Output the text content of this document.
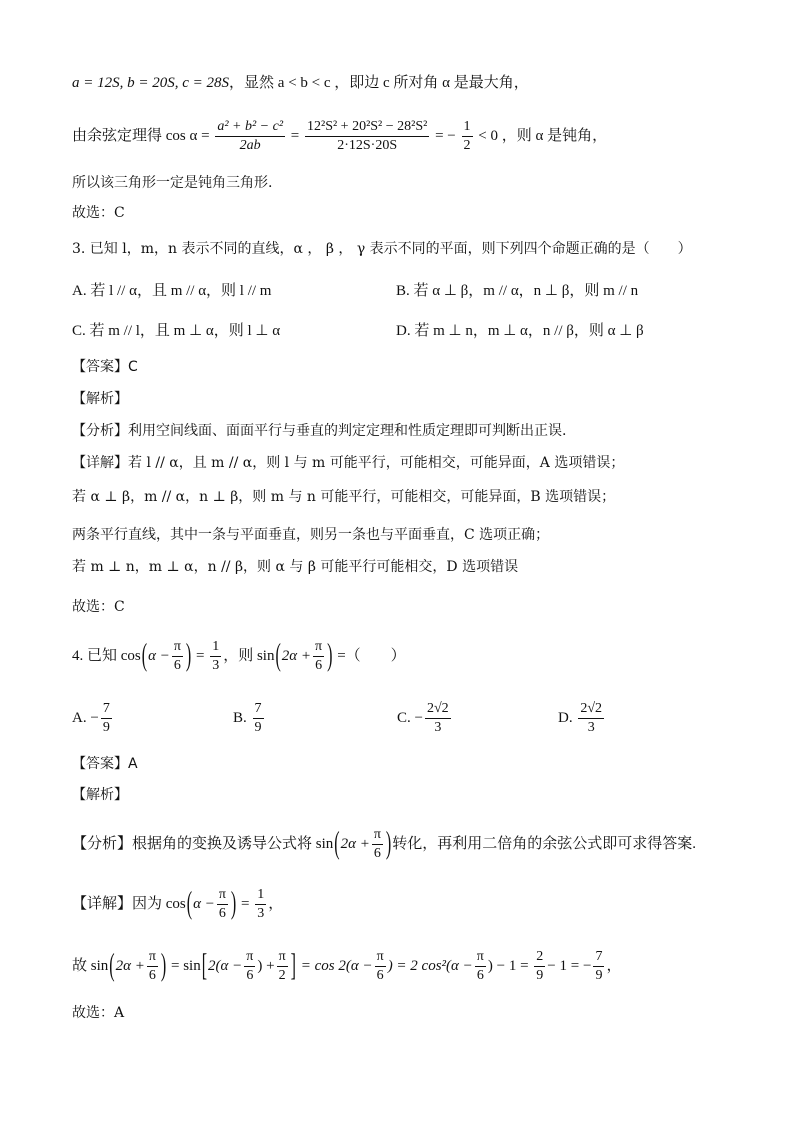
a = 12S, b = 20S, c = 28S，显然 a < b < c ，即边 c 所对角 α 是最大角，
由余弦定理得 $\cos \alpha = \frac{\text{a² + b² − c²}}{2ab} = \frac{\text{12²S² + 20²S² − 28²S²}}{2\cdot 12S\cdot 20S}$ = − $\frac{1}{2} < 0$ ，则 α 是钝角，
所以该三角形一定是钝角三角形.
故选：C
3. 已知 l，m，n 表示不同的直线，α ， β ， γ 表示不同的平面，则下列四个命题正确的是（　　）
A. 若 l // α，且 m // α，则 l // m	B. 若 α ⊥ β，m // α，n ⊥ β，则 m // n
C. 若 m // l，且 m ⊥ α，则 l ⊥ α	D. 若 m ⊥ n，m ⊥ α，n // β，则 α ⊥ β
【答案】C
【解析】
【分析】利用空间线面、面面平行与垂直的判定定理和性质定理即可判断出正误.
【详解】若 l // α，且 m // α，则 l 与 m 可能平行，可能相交，可能异面，A 选项错误；
若 α ⊥ β，m // α，n ⊥ β，则 m 与 n 可能平行，可能相交，可能异面，B 选项错误；
两条平行直线，其中一条与平面垂直，则另一条也与平面垂直，C 选项正确；
若 m ⊥ n，m ⊥ α，n // β，则 α 与 β 可能平行可能相交，D 选项错误
故选：C
4. 已知 $\cos(\alpha - \frac{\pi}{6}$ ) = $\frac{1}{3}$ ，则 $\sin(2\alpha + \frac{\pi}{6}$ ) =（　　）
A. − $\frac{7}{9}$	B. $\frac{7}{9}$	C. − $\frac{2√2}{3}$	D. $\frac{2√2}{3}$
【答案】A
【解析】
【分析】根据角的变换及诱导公式将 $\sin(2\alpha + \frac{\pi}{6}$ )转化，再利用二倍角的余弦公式即可求得答案.
【详解】因为 $\cos(\alpha - \frac{\pi}{6}$ ) = $\frac{1}{3}$ ，
故 $\sin(2\alpha + \frac{\pi}{6}$ ) = $\sin[2(\alpha - \frac{\pi}{6}$ ) + $\frac{\pi}{2}$ ] = $\cos 2(\alpha - \frac{\pi}{6}$ ) = 2 $\cos^2(\alpha - \frac{\pi}{6}$ ) − $1 = \frac{2}{9} - 1$ = − $\frac{7}{9}$ ，
故选：A
